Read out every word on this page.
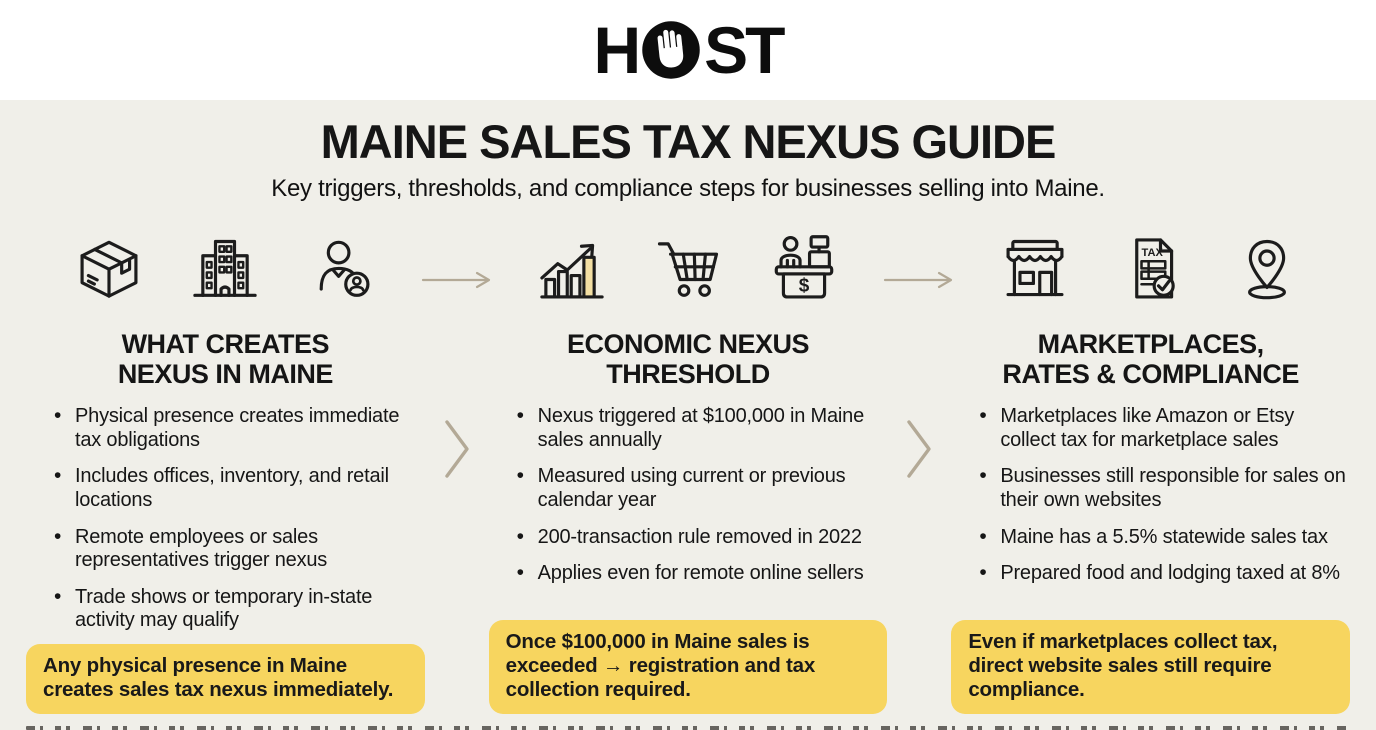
H ST
MAINE SALES TAX NEXUS GUIDE
Key triggers, thresholds, and compliance steps for businesses selling into Maine.
WHAT CREATES
NEXUS IN MAINE
• Physical presence creates immediate tax obligations
• Includes offices, inventory, and retail locations
• Remote employees or sales representatives trigger nexus
• Trade shows or temporary in-state activity may qualify
Any physical presence in Maine creates sales tax nexus immediately.
$
ECONOMIC NEXUS
THRESHOLD
• Nexus triggered at $100,000 in Maine sales annually
• Measured using current or previous calendar year
• 200-transaction rule removed in 2022
• Applies even for remote online sellers
Once $100,000 in Maine sales is exceeded → registration and tax collection required.
TAX
MARKETPLACES,
RATES & COMPLIANCE
• Marketplaces like Amazon or Etsy collect tax for marketplace sales
• Businesses still responsible for sales on their own websites
• Maine has a 5.5% statewide sales tax
• Prepared food and lodging taxed at 8%
Even if marketplaces collect tax, direct website sales still require compliance.
